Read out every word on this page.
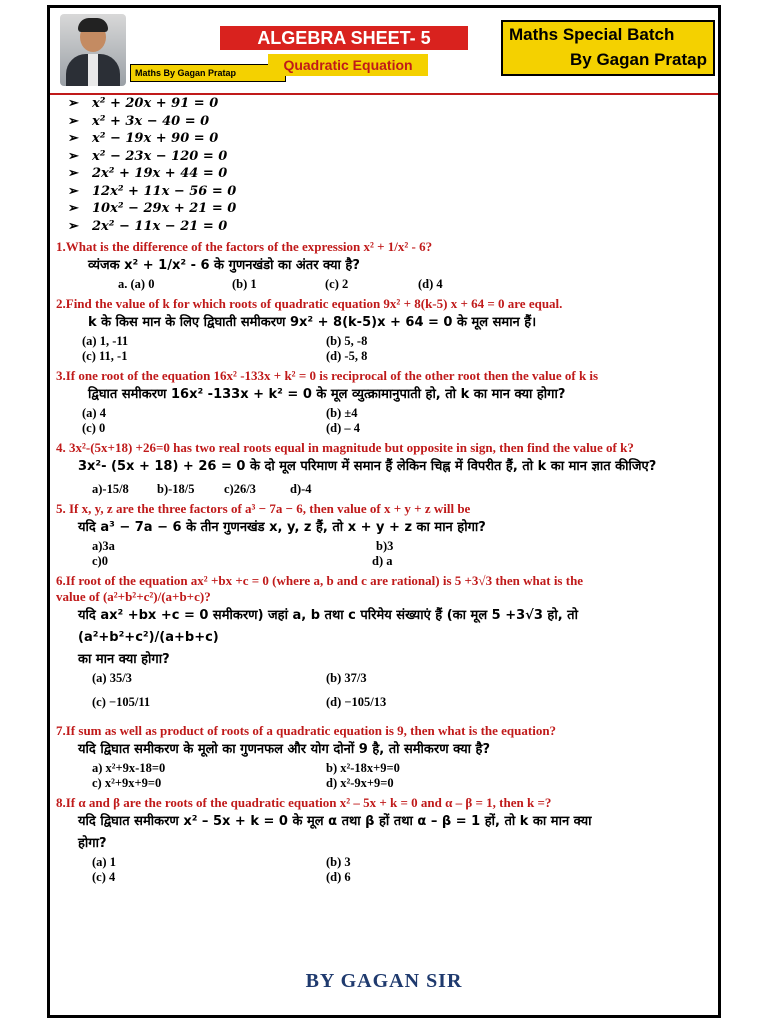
Maths By Gagan Pratap
ALGEBRA SHEET- 5
Quadratic Equation
Maths Special Batch
By Gagan Pratap
➢ x² + 20x + 91 = 0
➢ x² + 3x − 40 = 0
➢ x² − 19x + 90 = 0
➢ x² − 23x − 120 = 0
➢ 2x² + 19x + 44 = 0
➢ 12x² + 11x − 56 = 0
➢ 10x² − 29x + 21 = 0
➢ 2x² − 11x − 21 = 0
1.What is the difference of the factors of the expression x² + 1/x² - 6?
व्यंजक x² + 1/x² - 6 के गुणनखंडो का अंतर क्या है?
a. (a) 0	(b) 1	(c) 2	(d) 4
2.Find the value of k for which roots of quadratic equation 9x² + 8(k-5) x + 64 = 0 are equal.
k के किस मान के लिए द्विघाती समीकरण 9x² + 8(k-5)x + 64 = 0 के मूल समान हैं।
(a) 1, -11	(b) 5, -8
(c) 11, -1	(d) -5, 8
3.If one root of the equation 16x² -133x + k² = 0 is reciprocal of the other root then the value of k is
द्विघात समीकरण 16x² -133x + k² = 0 के मूल व्युत्क्रामानुपाती हो, तो k का मान क्या होगा?
(a) 4	(b) ±4
(c) 0	(d) – 4
4. 3x²-(5x+18) +26=0 has two real roots equal in magnitude but opposite in sign, then find the value of k?
3x²- (5x + 18) + 26 = 0 के दो मूल परिमाण में समान हैं लेकिन चिह्न में विपरीत हैं, तो k का मान ज्ञात कीजिए?
a)-15/8 b)-18/5 c)26/3	d)-4
5. If x, y, z are the three factors of a³ − 7a − 6, then value of x + y + z will be
यदि a³ − 7a − 6 के तीन गुणनखंड x, y, z हैं, तो x + y + z का मान होगा?
a)3a	b)3
c)0	d) a
6.If root of the equation ax² +bx +c = 0 (where a, b and c are rational) is 5 +3√3 then what is the
value of (a²+b²+c²)/(a+b+c)?
यदि ax² +bx +c = 0 समीकरण) जहां a, b तथा c परिमेय संख्याएं हैं (का मूल 5 +3√3 हो, तो (a²+b²+c²)/(a+b+c)
का मान क्या होगा?
(a) 35/3	(b) 37/3
(c) −105/11	(d) −105/13
7.If sum as well as product of roots of a quadratic equation is 9, then what is the equation?
यदि द्विघात समीकरण के मूलो का गुणनफल और योग दोनों 9 है, तो समीकरण क्या है?
a) x²+9x-18=0	b) x²-18x+9=0
c) x²+9x+9=0	d) x²-9x+9=0
8.If α and β are the roots of the quadratic equation x² – 5x + k = 0 and α – β = 1, then k =?
यदि द्विघात समीकरण x² – 5x + k = 0 के मूल α तथा β हों तथा α – β = 1 हों, तो k का मान क्या
होगा?
(a) 1	(b) 3
(c) 4	(d) 6
BY GAGAN SIR
